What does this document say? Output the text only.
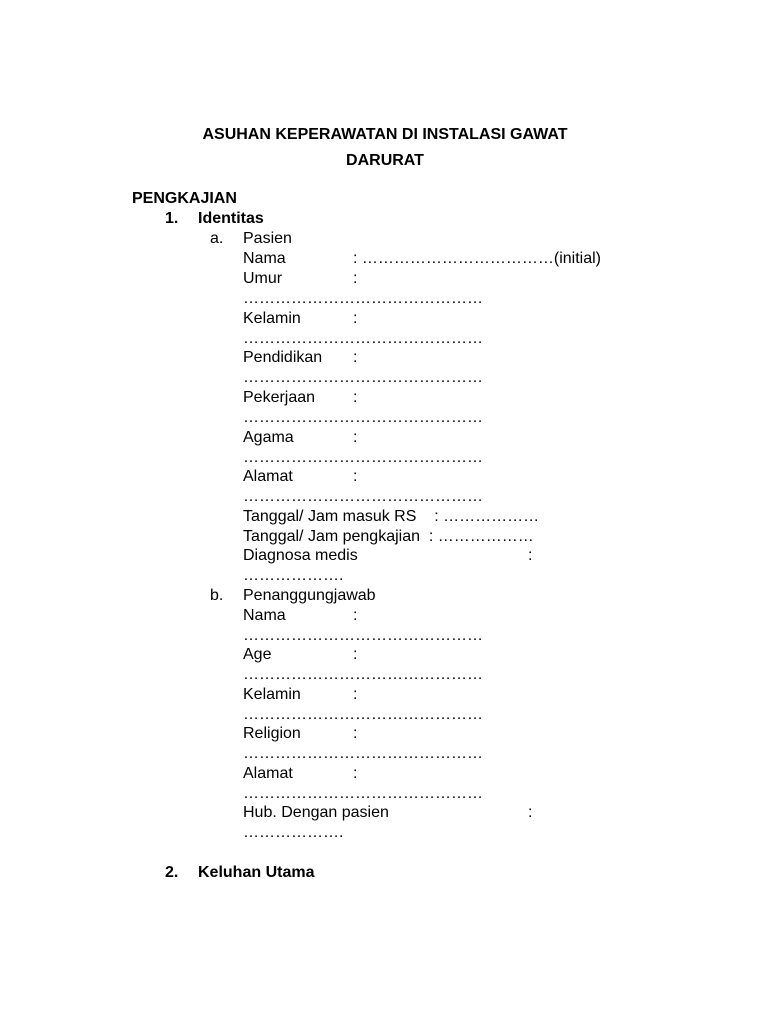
ASUHAN KEPERAWATAN DI INSTALASI GAWAT
DARURAT
PENGKAJIAN
1. Identitas
a. Pasien
Nama	: ………………………………(initial)
Umur	:
………………………………………
Kelamin	:
………………………………………
Pendidikan :
………………………………………
Pekerjaan :
………………………………………
Agama	:
………………………………………
Alamat	:
………………………………………
Tanggal/ Jam masuk RS    : ………………
Tanggal/ Jam pengkajian  : ………………
Diagnosa medis	:
……………….
b. Penanggungjawab
Nama	:
………………………………………
Age	:
………………………………………
Kelamin	:
………………………………………
Religion	:
………………………………………
Alamat	:
………………………………………
Hub. Dengan pasien	:
……………….
2. Keluhan Utama
